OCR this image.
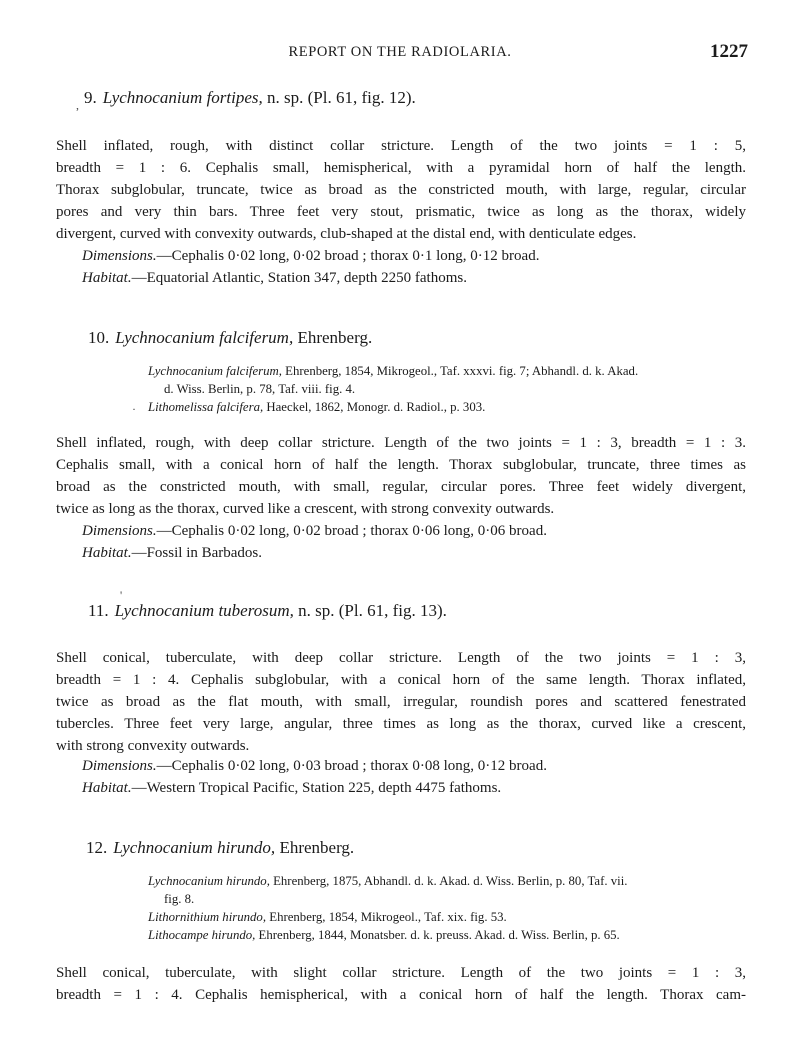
REPORT ON THE RADIOLARIA.	1227
, 9. Lychnocanium fortipes, n. sp. (Pl. 61, fig. 12).
Shell inflated, rough, with distinct collar stricture. Length of the two joints = 1 : 5,
breadth = 1 : 6. Cephalis small, hemispherical, with a pyramidal horn of half the length.
Thorax subglobular, truncate, twice as broad as the constricted mouth, with large, regular, circular
pores and very thin bars. Three feet very stout, prismatic, twice as long as the thorax, widely
divergent, curved with convexity outwards, club-shaped at the distal end, with denticulate edges.
Dimensions.—Cephalis 0·02 long, 0·02 broad ; thorax 0·1 long, 0·12 broad.
Habitat.—Equatorial Atlantic, Station 347, depth 2250 fathoms.
10. Lychnocanium falciferum, Ehrenberg.
Lychnocanium falciferum, Ehrenberg, 1854, Mikrogeol., Taf. xxxvi. fig. 7; Abhandl. d. k. Akad.
d. Wiss. Berlin, p. 78, Taf. viii. fig. 4.
Lithomelissa falcifera, Haeckel, 1862, Monogr. d. Radiol., p. 303.
·
Shell inflated, rough, with deep collar stricture. Length of the two joints = 1 : 3, breadth = 1 : 3.
Cephalis small, with a conical horn of half the length. Thorax subglobular, truncate, three times as
broad as the constricted mouth, with small, regular, circular pores. Three feet widely divergent,
twice as long as the thorax, curved like a crescent, with strong convexity outwards.
Dimensions.—Cephalis 0·02 long, 0·02 broad ; thorax 0·06 long, 0·06 broad.
Habitat.—Fossil in Barbados.
'
11. Lychnocanium tuberosum, n. sp. (Pl. 61, fig. 13).
Shell conical, tuberculate, with deep collar stricture. Length of the two joints = 1 : 3,
breadth = 1 : 4. Cephalis subglobular, with a conical horn of the same length. Thorax inflated,
twice as broad as the flat mouth, with small, irregular, roundish pores and scattered fenestrated
tubercles. Three feet very large, angular, three times as long as the thorax, curved like a crescent,
with strong convexity outwards.
Dimensions.—Cephalis 0·02 long, 0·03 broad ; thorax 0·08 long, 0·12 broad.
Habitat.—Western Tropical Pacific, Station 225, depth 4475 fathoms.
12. Lychnocanium hirundo, Ehrenberg.
Lychnocanium hirundo, Ehrenberg, 1875, Abhandl. d. k. Akad. d. Wiss. Berlin, p. 80, Taf. vii.
fig. 8.
Lithornithium hirundo, Ehrenberg, 1854, Mikrogeol., Taf. xix. fig. 53.
Lithocampe hirundo, Ehrenberg, 1844, Monatsber. d. k. preuss. Akad. d. Wiss. Berlin, p. 65.
Shell conical, tuberculate, with slight collar stricture. Length of the two joints = 1 : 3,
breadth = 1 : 4. Cephalis hemispherical, with a conical horn of half the length. Thorax cam-
